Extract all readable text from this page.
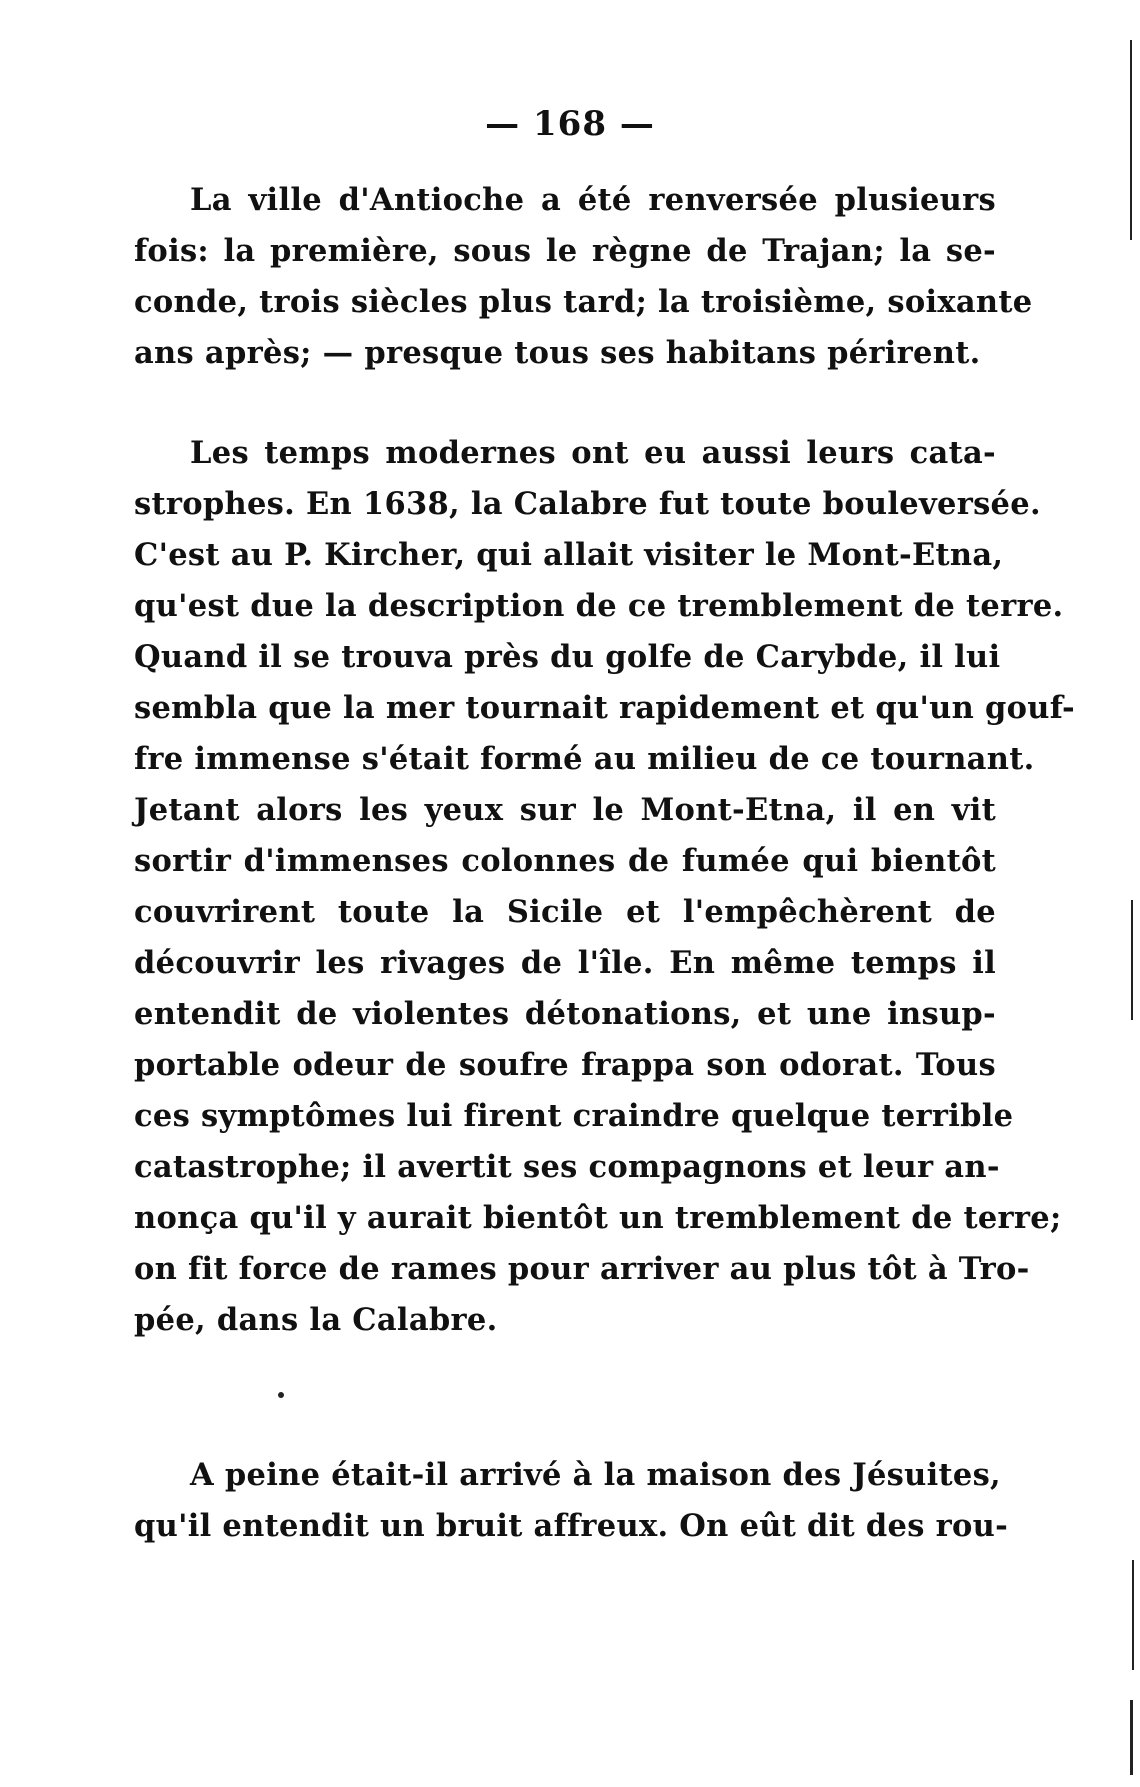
— 168 —
La ville d'Antioche a été renversée plusieurs
fois: la première, sous le règne de Trajan; la se-
conde, trois siècles plus tard; la troisième, soixante
ans après; — presque tous ses habitans périrent.
Les temps modernes ont eu aussi leurs cata-
strophes. En 1638, la Calabre fut toute bouleversée.
C'est au P. Kircher, qui allait visiter le Mont-Etna,
qu'est due la description de ce tremblement de terre.
Quand il se trouva près du golfe de Carybde, il lui
sembla que la mer tournait rapidement et qu'un gouf-
fre immense s'était formé au milieu de ce tournant.
Jetant alors les yeux sur le Mont-Etna, il en vit
sortir d'immenses colonnes de fumée qui bientôt
couvrirent toute la Sicile et l'empêchèrent de
découvrir les rivages de l'île. En même temps il
entendit de violentes détonations, et une insup-
portable odeur de soufre frappa son odorat. Tous
ces symptômes lui firent craindre quelque terrible
catastrophe; il avertit ses compagnons et leur an-
nonça qu'il y aurait bientôt un tremblement de terre;
on fit force de rames pour arriver au plus tôt à Tro-
pée, dans la Calabre.
A peine était-il arrivé à la maison des Jésuites,
qu'il entendit un bruit affreux. On eût dit des rou-
